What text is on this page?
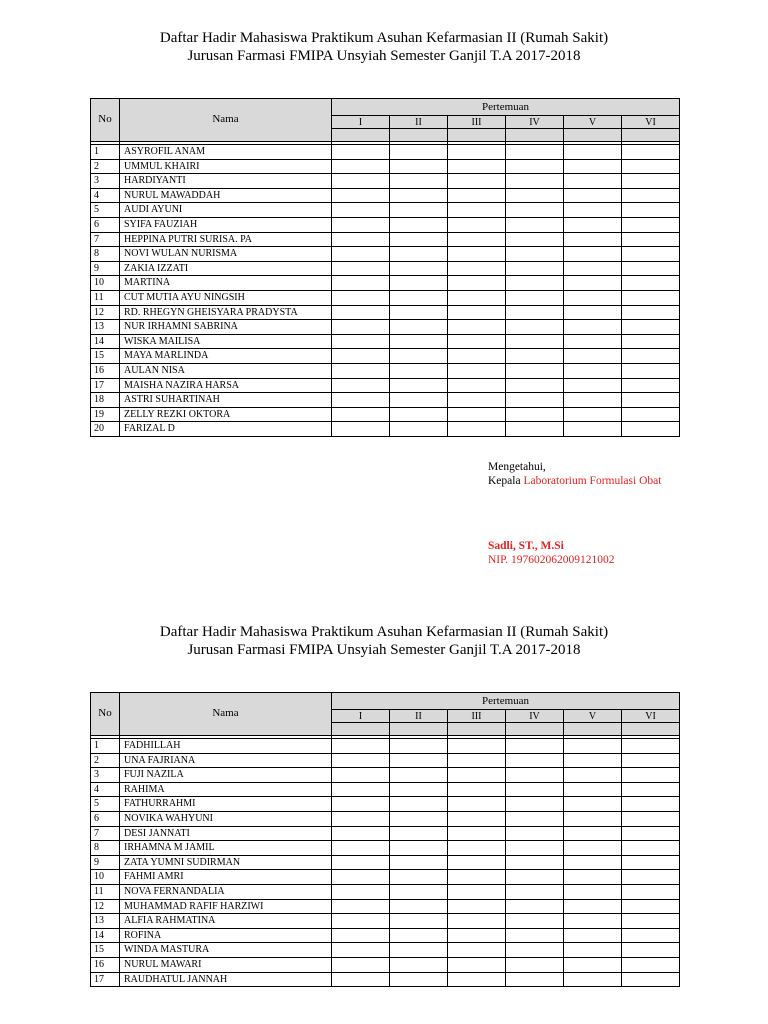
Daftar Hadir Mahasiswa Praktikum Asuhan Kefarmasian II (Rumah Sakit)
Jurusan Farmasi FMIPA Unsyiah Semester Ganjil T.A 2017-2018
No	Nama	Pertemuan					
		I	II	III	IV	V	VI

1	ASYROFIL ANAM						
2	UMMUL KHAIRI						
3	HARDIYANTI						
4	NURUL MAWADDAH						
5	AUDI AYUNI						
6	SYIFA FAUZIAH						
7	HEPPINA PUTRI SURISA. PA						
8	NOVI WULAN NURISMA						
9	ZAKIA IZZATI						
10	MARTINA						
11	CUT MUTIA AYU NINGSIH						
12	RD. RHEGYN GHEISYARA PRADYSTA						
13	NUR IRHAMNI SABRINA						
14	WISKA MAILISA						
15	MAYA MARLINDA						
16	AULAN NISA						
17	MAISHA NAZIRA HARSA						
18	ASTRI SUHARTINAH						
19	ZELLY REZKI OKTORA						
20	FARIZAL D						
Mengetahui,
Kepala Laboratorium Formulasi Obat
Sadli, ST., M.Si
NIP. 197602062009121002
Daftar Hadir Mahasiswa Praktikum Asuhan Kefarmasian II (Rumah Sakit)
Jurusan Farmasi FMIPA Unsyiah Semester Ganjil T.A 2017-2018
No	Nama	Pertemuan					
		I	II	III	IV	V	VI

1	FADHILLAH						
2	UNA FAJRIANA						
3	FUJI NAZILA						
4	RAHIMA						
5	FATHURRAHMI						
6	NOVIKA WAHYUNI						
7	DESI JANNATI						
8	IRHAMNA M JAMIL						
9	ZATA YUMNI SUDIRMAN						
10	FAHMI AMRI						
11	NOVA FERNANDALIA						
12	MUHAMMAD RAFIF HARZIWI						
13	ALFIA RAHMATINA						
14	ROFINA						
15	WINDA MASTURA						
16	NURUL MAWARI						
17	RAUDHATUL JANNAH						
